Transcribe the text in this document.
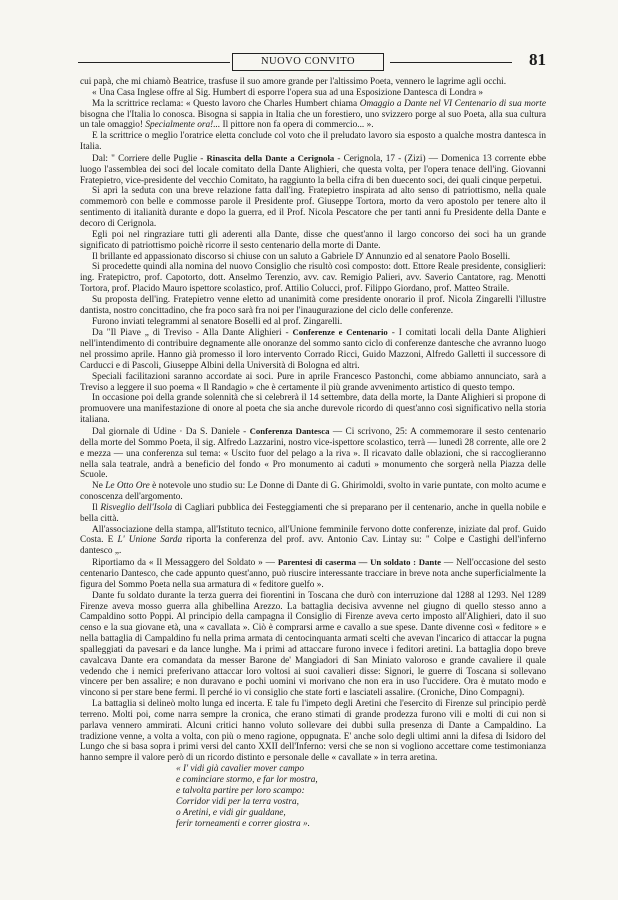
NUOVO CONVITO	81

cui papà, che mi chiamò Beatrice, trasfuse il suo amore grande per l'altissimo Poeta, vennero le lagrime agli occhi.

« Una Casa Inglese offre al Sig. Humbert di esporre l'opera sua ad una Esposizione Dantesca di Londra »

Ma la scrittrice reclama: « Questo lavoro che Charles Humbert chiama Omaggio a Dante nel VI Centenario di sua morte bisogna che l'Italia lo conosca. Bisogna si sappia in Italia che un forestiero, uno svizzero porge al suo Poeta, alla sua cultura un tale omaggio! Specialmente ora!... Il pittore non fa opera di commercio... ».

E la scrittrice o meglio l'oratrice eletta conclude col voto che il preludato lavoro sia esposto a qualche mostra dantesca in Italia.

Dal: " Corriere delle Puglie - Rinascita della Dante a Cerignola - Cerignola, 17 - (Zizi) — Domenica 13 corrente ebbe luogo l'assemblea dei soci del locale comitato della Dante Alighieri, che questa volta, per l'opera tenace dell'ing. Giovanni Fratepietro, vice-presidente del vecchio Comitato, ha raggiunto la bella cifra di ben duecento soci, dei quali cinque perpetui.

Si aprì la seduta con una breve relazione fatta dall'ing. Fratepietro inspirata ad alto senso di patriottismo, nella quale commemorò con belle e commosse parole il Presidente prof. Giuseppe Tortora, morto da vero apostolo per tenere alto il sentimento di italianità durante e dopo la guerra, ed il Prof. Nicola Pescatore che per tanti anni fu Presidente della Dante e decoro di Cerignola.

Egli poi nel ringraziare tutti gli aderenti alla Dante, disse che quest'anno il largo concorso dei soci ha un grande significato di patriottismo poichè ricorre il sesto centenario della morte di Dante.

Il brillante ed appassionato discorso si chiuse con un saluto a Gabriele D' Annunzio ed al senatore Paolo Boselli.

Si procedette quindi alla nomina del nuovo Consiglio che risultò così composto: dott. Ettore Reale presidente, consiglieri: ing. Fratepictro, prof. Capotorto, dott. Anselmo Terenzio, avv. cav. Remigio Palieri, avv. Saverio Cantatore, rag. Menotti Tortora, prof. Placido Mauro ispettore scolastico, prof. Attilio Colucci, prof. Filippo Giordano, prof. Matteo Straile.

Su proposta dell'ing. Fratepietro venne eletto ad unanimità come presidente onorario il prof. Nicola Zingarelli l'illustre dantista, nostro concittadino, che fra poco sarà fra noi per l'inaugurazione del ciclo delle conferenze.

Furono inviati telegrammi al senatore Boselli ed al prof. Zingarelli.

Da "Il Piave „ di Treviso - Alla Dante Alighieri - Conferenze e Centenario - I comitati locali della Dante Alighieri nell'intendimento di contribuire degnamente alle onoranze del sommo santo ciclo di conferenze dantesche che avranno luogo nel prossimo aprile. Hanno già promesso il loro intervento Corrado Ricci, Guido Mazzoni, Alfredo Galletti il successore di Carducci e di Pascoli, Giuseppe Albini della Università di Bologna ed altri.

Speciali facilitazioni saranno accordate ai soci. Pure in aprile Francesco Pastonchi, come abbiamo annunciato, sarà a Treviso a leggere il suo poema « Il Randagio » che è certamente il più grande avvenimento artistico di questo tempo.

In occasione poi della grande solennità che si celebrerà il 14 settembre, data della morte, la Dante Alighieri si propone di promuovere una manifestazione di onore al poeta che sia anche durevole ricordo di quest'anno così significativo nella storia italiana.

Dal giornale di Udine · Da S. Daniele - Conferenza Dantesca — Ci scrivono, 25: A commemorare il sesto centenario della morte del Sommo Poeta, il sig. Alfredo Lazzarini, nostro vice-ispettore scolastico, terrà — lunedì 28 corrente, alle ore 2 e mezza — una conferenza sul tema: « Uscito fuor del pelago a la riva ». Il ricavato dalle oblazioni, che si raccoglieranno nella sala teatrale, andrà a beneficio del fondo « Pro monumento ai caduti » monumento che sorgerà nella Piazza delle Scuole.

Ne Le Otto Ore è notevole uno studio su: Le Donne di Dante di G. Ghirimoldi, svolto in varie puntate, con molto acume e conoscenza dell'argomento.

Il Risveglio dell'Isola di Cagliari pubblica dei Festeggiamenti che si preparano per il centenario, anche in quella nobile e bella città.

All'associazione della stampa, all'Istituto tecnico, all'Unione femminile fervono dotte conferenze, iniziate dal prof. Guido Costa. E L' Unione Sarda riporta la conferenza del prof. avv. Antonio Cav. Lintay su: " Colpe e Castighi dell'inferno dantesco „.

Riportiamo da « Il Messaggero del Soldato » — Parentesi di caserma — Un soldato : Dante — Nell'occasione del sesto centenario Dantesco, che cade appunto quest'anno, può riuscire interessante tracciare in breve nota anche superficialmente la figura del Sommo Poeta nella sua armatura di « feditore guelfo ».

Dante fu soldato durante la terza guerra dei fiorentini in Toscana che durò con interruzione dal 1288 al 1293. Nel 1289 Firenze aveva mosso guerra alla ghibellina Arezzo. La battaglia decisiva avvenne nel giugno di quello stesso anno a Campaldino sotto Poppi. Al principio della campagna il Consiglio di Firenze aveva certo imposto all'Alighieri, dato il suo censo e la sua giovane età, una « cavallata ». Ciò è comprarsi arme e cavallo a sue spese. Dante divenne così « feditore » e nella battaglia di Campaldino fu nella prima armata di centocinquanta armati scelti che avevan l'incarico di attaccar la pugna spalleggiati da pavesari e da lance lunghe. Ma i primi ad attaccare furono invece i feditori aretini. La battaglia dopo breve cavalcava Dante era comandata da messer Barone de' Mangiadori di San Miniato valoroso e grande cavaliere il quale vedendo che i nemici preferivano attaccar loro voltosi ai suoi cavalieri disse: Signori, le guerre di Toscana si sollevano vincere per ben assalire; e non duravano e pochi uomini vi morivano che non era in uso l'uccidere. Ora è mutato modo e vincono si per stare bene fermi. Il perché io vi consiglio che state forti e lasciateli assalire. (Croniche, Dino Compagni).

La battaglia si delineò molto lunga ed incerta. E tale fu l'impeto degli Aretini che l'esercito di Firenze sul principio perdè terreno. Molti poi, come narra sempre la cronica, che erano stimati di grande prodezza furono vili e molti di cui non si parlava vennero ammirati. Alcuni critici hanno voluto sollevare dei dubbi sulla presenza di Dante a Campaldino. La tradizione venne, a volta a volta, con più o meno ragione, oppugnata. E' anche solo degli ultimi anni la difesa di Isidoro del Lungo che si basa sopra i primi versi del canto XXII dell'Inferno: versi che se non si vogliono accettare come testimonianza hanno sempre il valore però di un ricordo distinto e personale delle « cavallate » in terra aretina.

« I' vidi già cavalier mover campo
e cominciare stormo, e far lor mostra,
e talvolta partire per loro scampo:
Corridor vidi per la terra vostra,
o Aretini, e vidi gir gualdane,
ferir torneamenti e correr giostra ».
